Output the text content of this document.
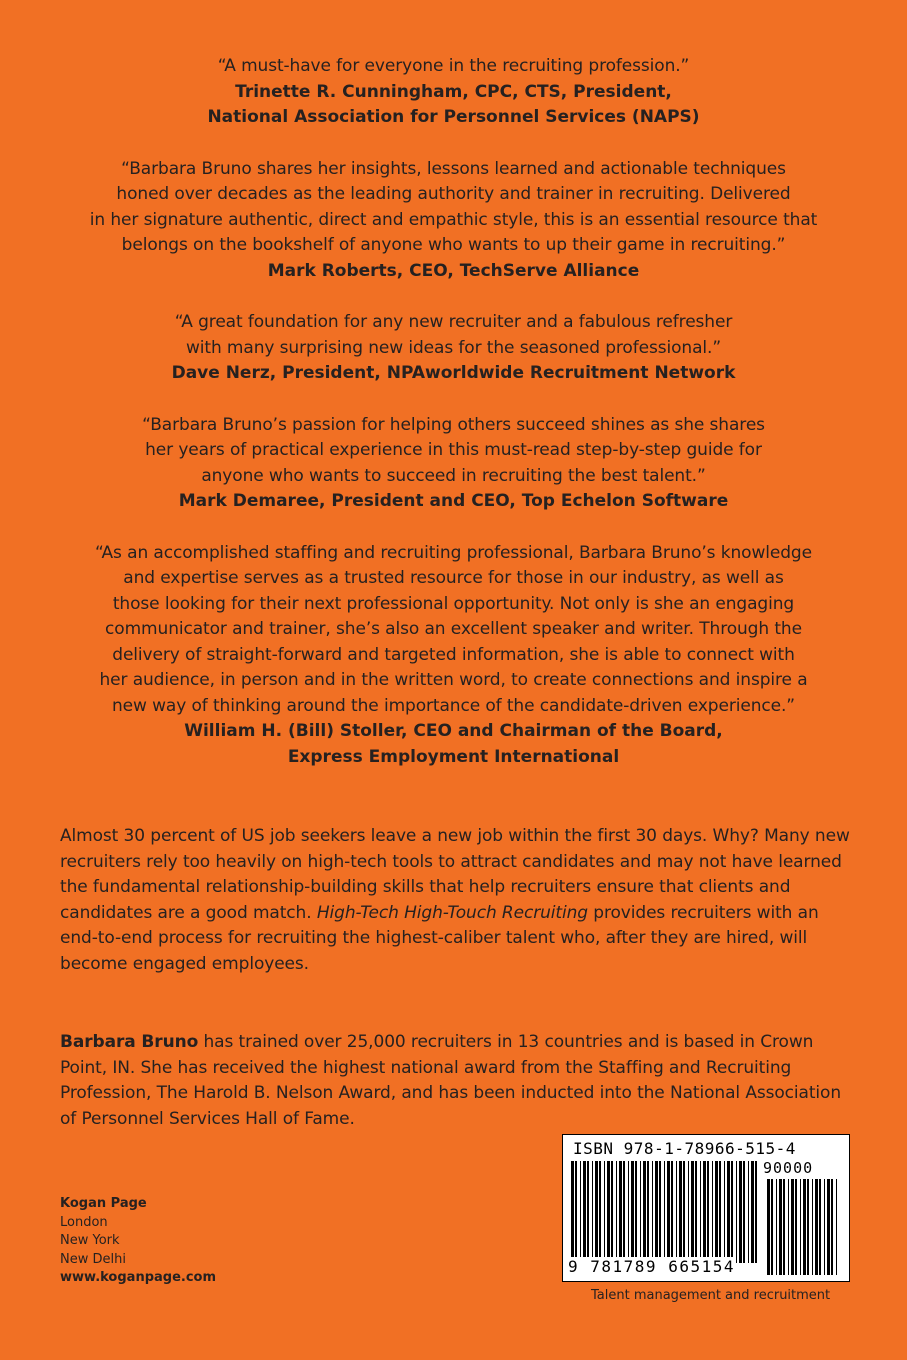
“A must-have for everyone in the recruiting profession.”
Trinette R. Cunningham, CPC, CTS, President,
National Association for Personnel Services (NAPS)
“Barbara Bruno shares her insights, lessons learned and actionable techniques
honed over decades as the leading authority and trainer in recruiting. Delivered
in her signature authentic, direct and empathic style, this is an essential resource that
belongs on the bookshelf of anyone who wants to up their game in recruiting.”
Mark Roberts, CEO, TechServe Alliance
“A great foundation for any new recruiter and a fabulous refresher
with many surprising new ideas for the seasoned professional.”
Dave Nerz, President, NPAworldwide Recruitment Network
“Barbara Bruno’s passion for helping others succeed shines as she shares
her years of practical experience in this must-read step-by-step guide for
anyone who wants to succeed in recruiting the best talent.”
Mark Demaree, President and CEO, Top Echelon Software
“As an accomplished staffing and recruiting professional, Barbara Bruno’s knowledge
and expertise serves as a trusted resource for those in our industry, as well as
those looking for their next professional opportunity. Not only is she an engaging
communicator and trainer, she’s also an excellent speaker and writer. Through the
delivery of straight-forward and targeted information, she is able to connect with
her audience, in person and in the written word, to create connections and inspire a
new way of thinking around the importance of the candidate-driven experience.”
William H. (Bill) Stoller, CEO and Chairman of the Board,
Express Employment International
Almost 30 percent of US job seekers leave a new job within the first 30 days. Why? Many new recruiters rely too heavily on high-tech tools to attract candidates and may not have learned the fundamental relationship-building skills that help recruiters ensure that clients and candidates are a good match. High-Tech High-Touch Recruiting provides recruiters with an end-to-end process for recruiting the highest-caliber talent who, after they are hired, will become engaged employees.
Barbara Bruno has trained over 25,000 recruiters in 13 countries and is based in Crown Point, IN. She has received the highest national award from the Staffing and Recruiting Profession, The Harold B. Nelson Award, and has been inducted into the National Association of Personnel Services Hall of Fame.
Kogan Page
London
New York
New Delhi
www.koganpage.com
ISBN 978-1-78966-515-4
90000
9 781789 665154
Talent management and recruitment
